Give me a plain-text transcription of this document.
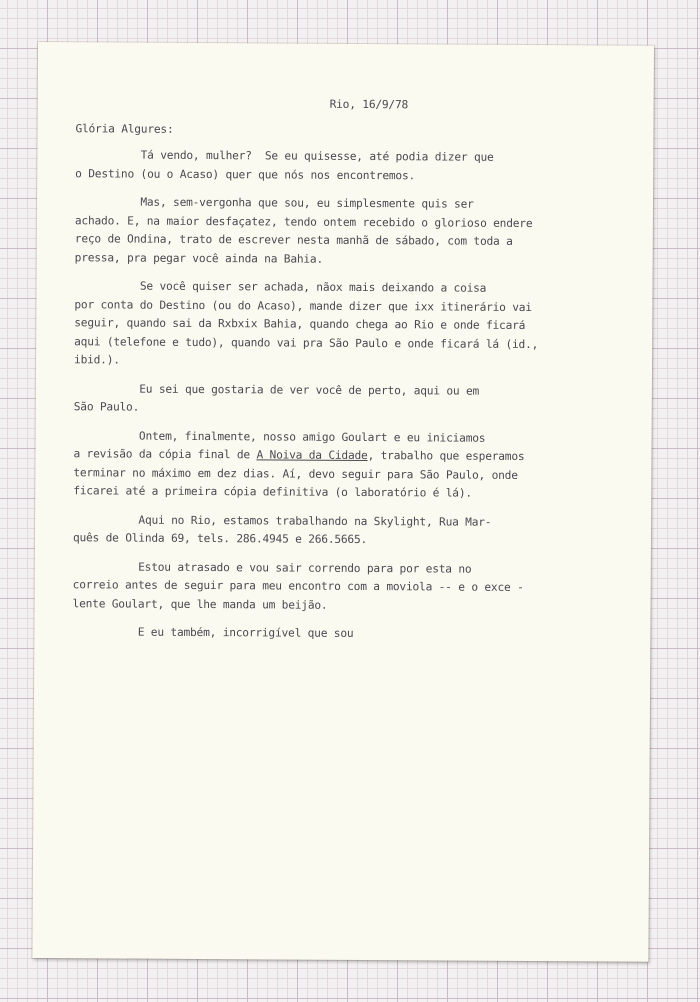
Rio, 16/9/78
Glória Algures:
Tá vendo, mulher?  Se eu quisesse, até podia dizer que
o Destino (ou o Acaso) quer que nós nos encontremos.
Mas, sem-vergonha que sou, eu simplesmente quis ser
achado. E, na maior desfaçatez, tendo ontem recebido o glorioso endere
reço de Ondina, trato de escrever nesta manhã de sábado, com toda a
pressa, pra pegar você ainda na Bahia.
Se você quiser ser achada, nãox mais deixando a coisa
por conta do Destino (ou do Acaso), mande dizer que ixx itinerário vai
seguir, quando sai da Rxbxix Bahia, quando chega ao Rio e onde ficará
aqui (telefone e tudo), quando vai pra São Paulo e onde ficará lá (id.,
ibid.).
Eu sei que gostaria de ver você de perto, aqui ou em
São Paulo.
Ontem, finalmente, nosso amigo Goulart e eu iniciamos
a revisão da cópia final de A Noiva da Cidade, trabalho que esperamos
terminar no máximo em dez dias. Aí, devo seguir para São Paulo, onde
ficarei até a primeira cópia definitiva (o laboratório é lá).
Aqui no Rio, estamos trabalhando na Skylight, Rua Mar-
quês de Olinda 69, tels. 286.4945 e 266.5665.
Estou atrasado e vou sair correndo para por esta no
correio antes de seguir para meu encontro com a moviola -- e o exce -
lente Goulart, que lhe manda um beijão.
E eu também, incorrigível que sou
